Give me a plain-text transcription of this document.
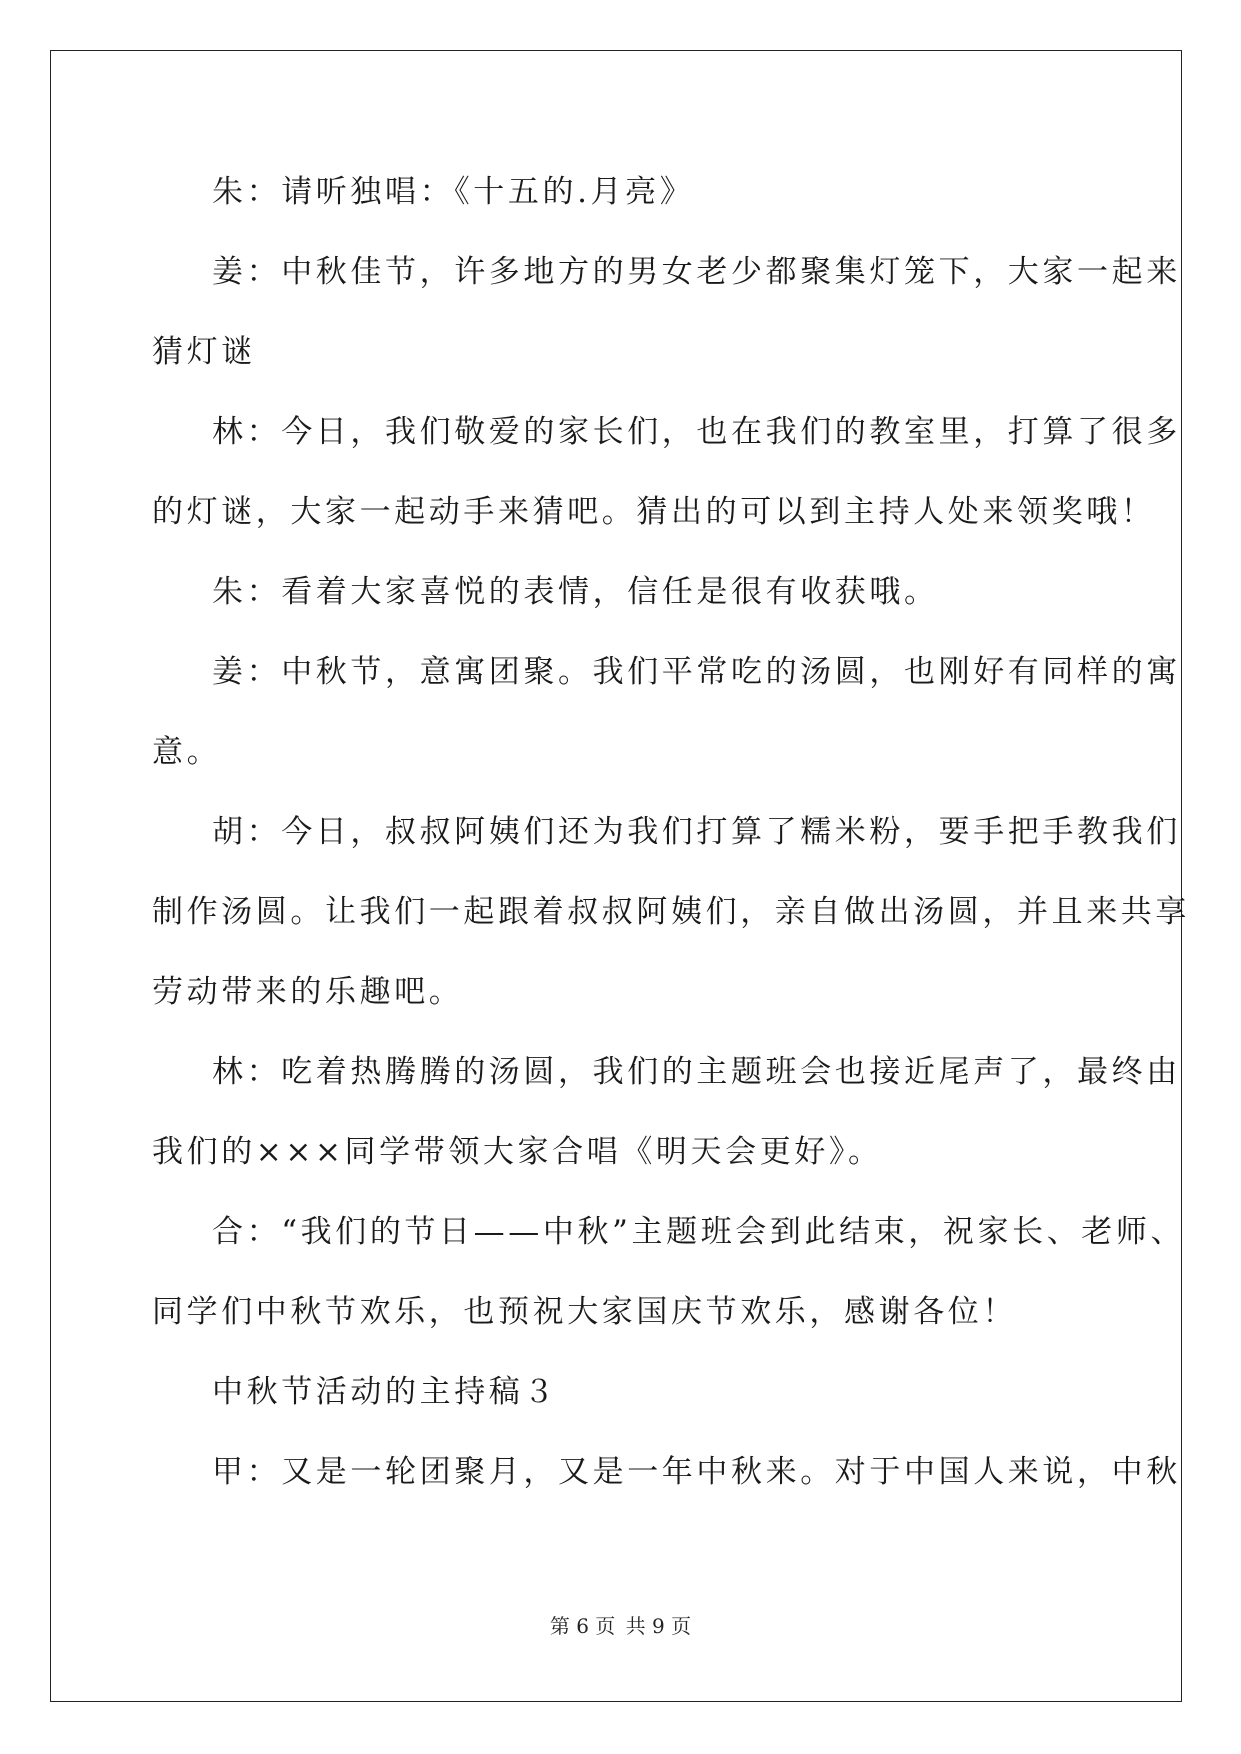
朱：请听独唱：《十五的.月亮》
姜：中秋佳节，许多地方的男女老少都聚集灯笼下，大家一起来
猜灯谜
林：今日，我们敬爱的家长们，也在我们的教室里，打算了很多
的灯谜，大家一起动手来猜吧。猜出的可以到主持人处来领奖哦！
朱：看着大家喜悦的表情，信任是很有收获哦。
姜：中秋节，意寓团聚。我们平常吃的汤圆，也刚好有同样的寓
意。
胡：今日，叔叔阿姨们还为我们打算了糯米粉，要手把手教我们
制作汤圆。让我们一起跟着叔叔阿姨们，亲自做出汤圆，并且来共享
劳动带来的乐趣吧。
林：吃着热腾腾的汤圆，我们的主题班会也接近尾声了，最终由
我们的×××同学带领大家合唱《明天会更好》。
合：“我们的节日——中秋”主题班会到此结束，祝家长、老师、
同学们中秋节欢乐，也预祝大家国庆节欢乐，感谢各位！
中秋节活动的主持稿３
甲：又是一轮团聚月，又是一年中秋来。对于中国人来说，中秋
第 6 页 共 9 页
